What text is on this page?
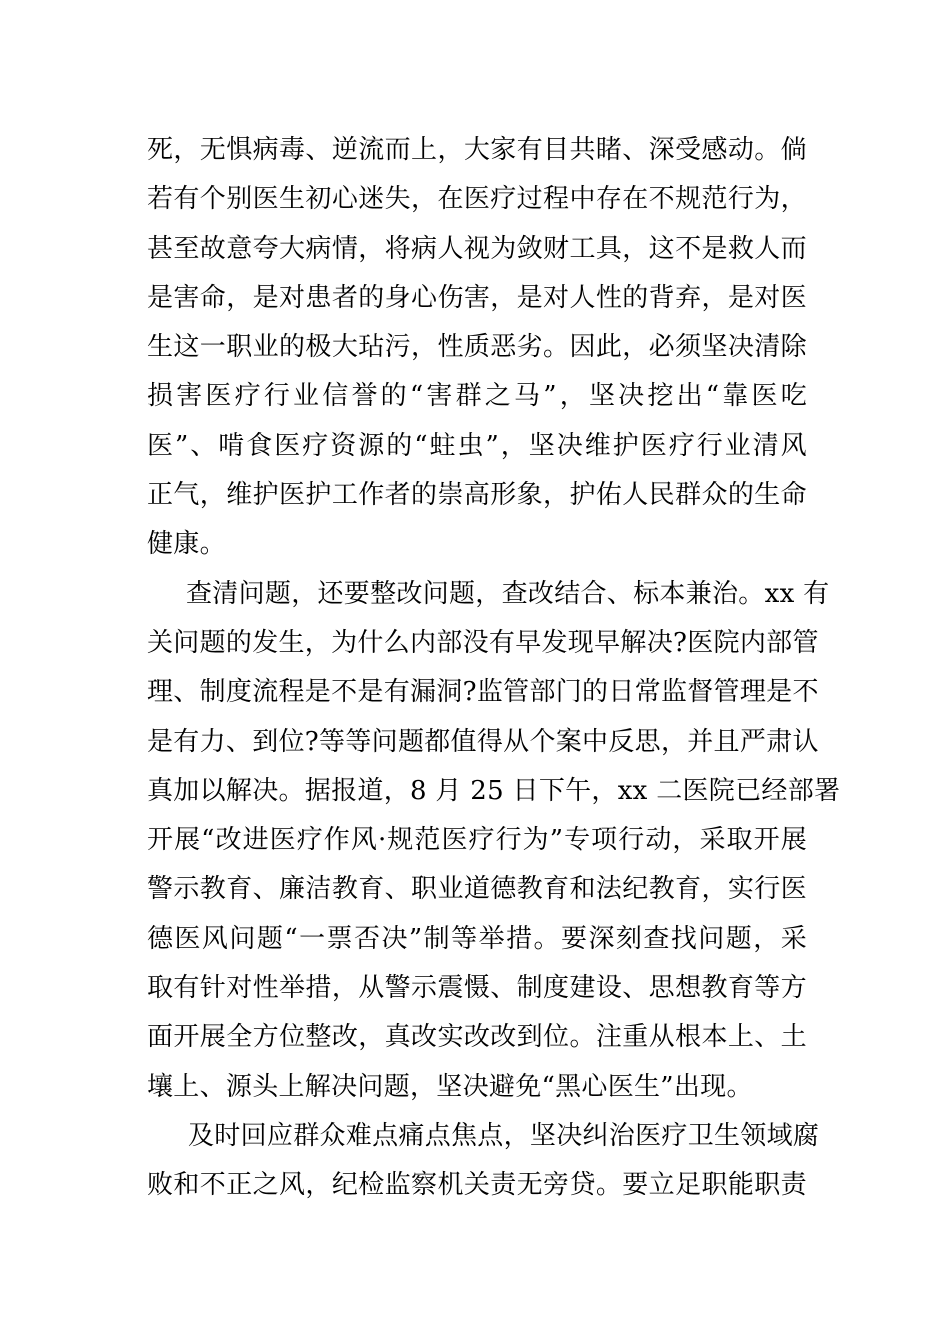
死，无惧病毒、逆流而上，大家有目共睹、深受感动。倘
若有个别医生初心迷失，在医疗过程中存在不规范行为，
甚至故意夸大病情，将病人视为敛财工具，这不是救人而
是害命，是对患者的身心伤害，是对人性的背弃，是对医
生这一职业的极大玷污，性质恶劣。因此，必须坚决清除
损害医疗行业信誉的“害群之马”，坚决挖出“靠医吃
医”、啃食医疗资源的“蛀虫”，坚决维护医疗行业清风
正气，维护医护工作者的崇高形象，护佑人民群众的生命
健康。
查清问题，还要整改问题，查改结合、标本兼治。xx 有
关问题的发生，为什么内部没有早发现早解决?医院内部管
理、制度流程是不是有漏洞?监管部门的日常监督管理是不
是有力、到位?等等问题都值得从个案中反思，并且严肃认
真加以解决。据报道，8 月 25 日下午，xx 二医院已经部署
开展“改进医疗作风·规范医疗行为”专项行动，采取开展
警示教育、廉洁教育、职业道德教育和法纪教育，实行医
德医风问题“一票否决”制等举措。要深刻查找问题，采
取有针对性举措，从警示震慑、制度建设、思想教育等方
面开展全方位整改，真改实改改到位。注重从根本上、土
壤上、源头上解决问题，坚决避免“黑心医生”出现。
及时回应群众难点痛点焦点，坚决纠治医疗卫生领域腐
败和不正之风，纪检监察机关责无旁贷。要立足职能职责
